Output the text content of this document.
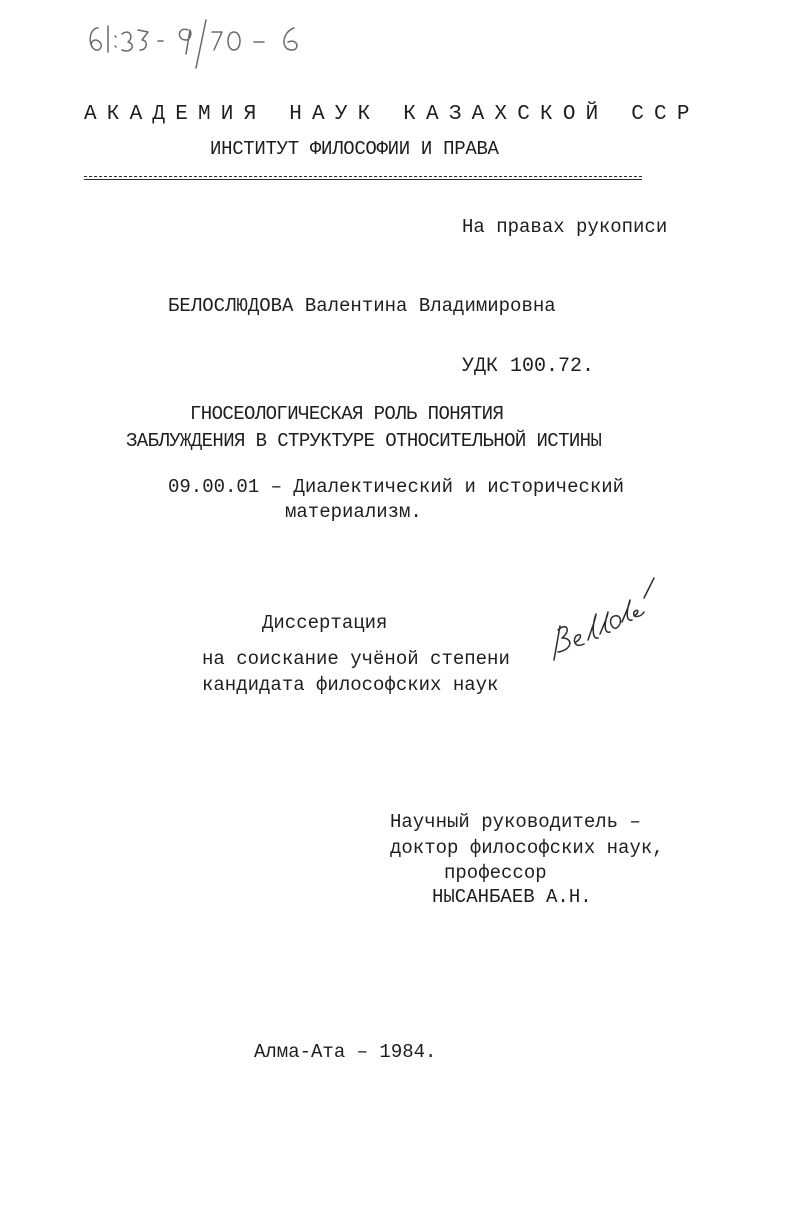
АКАДЕМИЯ НАУК КАЗАХСКОЙ ССР
ИНСТИТУТ ФИЛОСОФИИ И ПРАВА
На правах рукописи
БЕЛОСЛЮДОВА Валентина Владимировна
УДК 100.72.
ГНОСЕОЛОГИЧЕСКАЯ РОЛЬ ПОНЯТИЯ
ЗАБЛУЖДЕНИЯ В СТРУКТУРЕ ОТНОСИТЕЛЬНОЙ ИСТИНЫ
09.00.01 – Диалектический и исторический
материализм.
Диссертация
на соискание учёной степени
кандидата философских наук
Научный руководитель –
доктор философских наук,
профессор
НЫСАНБАЕВ А.Н.
Алма-Ата – 1984.
